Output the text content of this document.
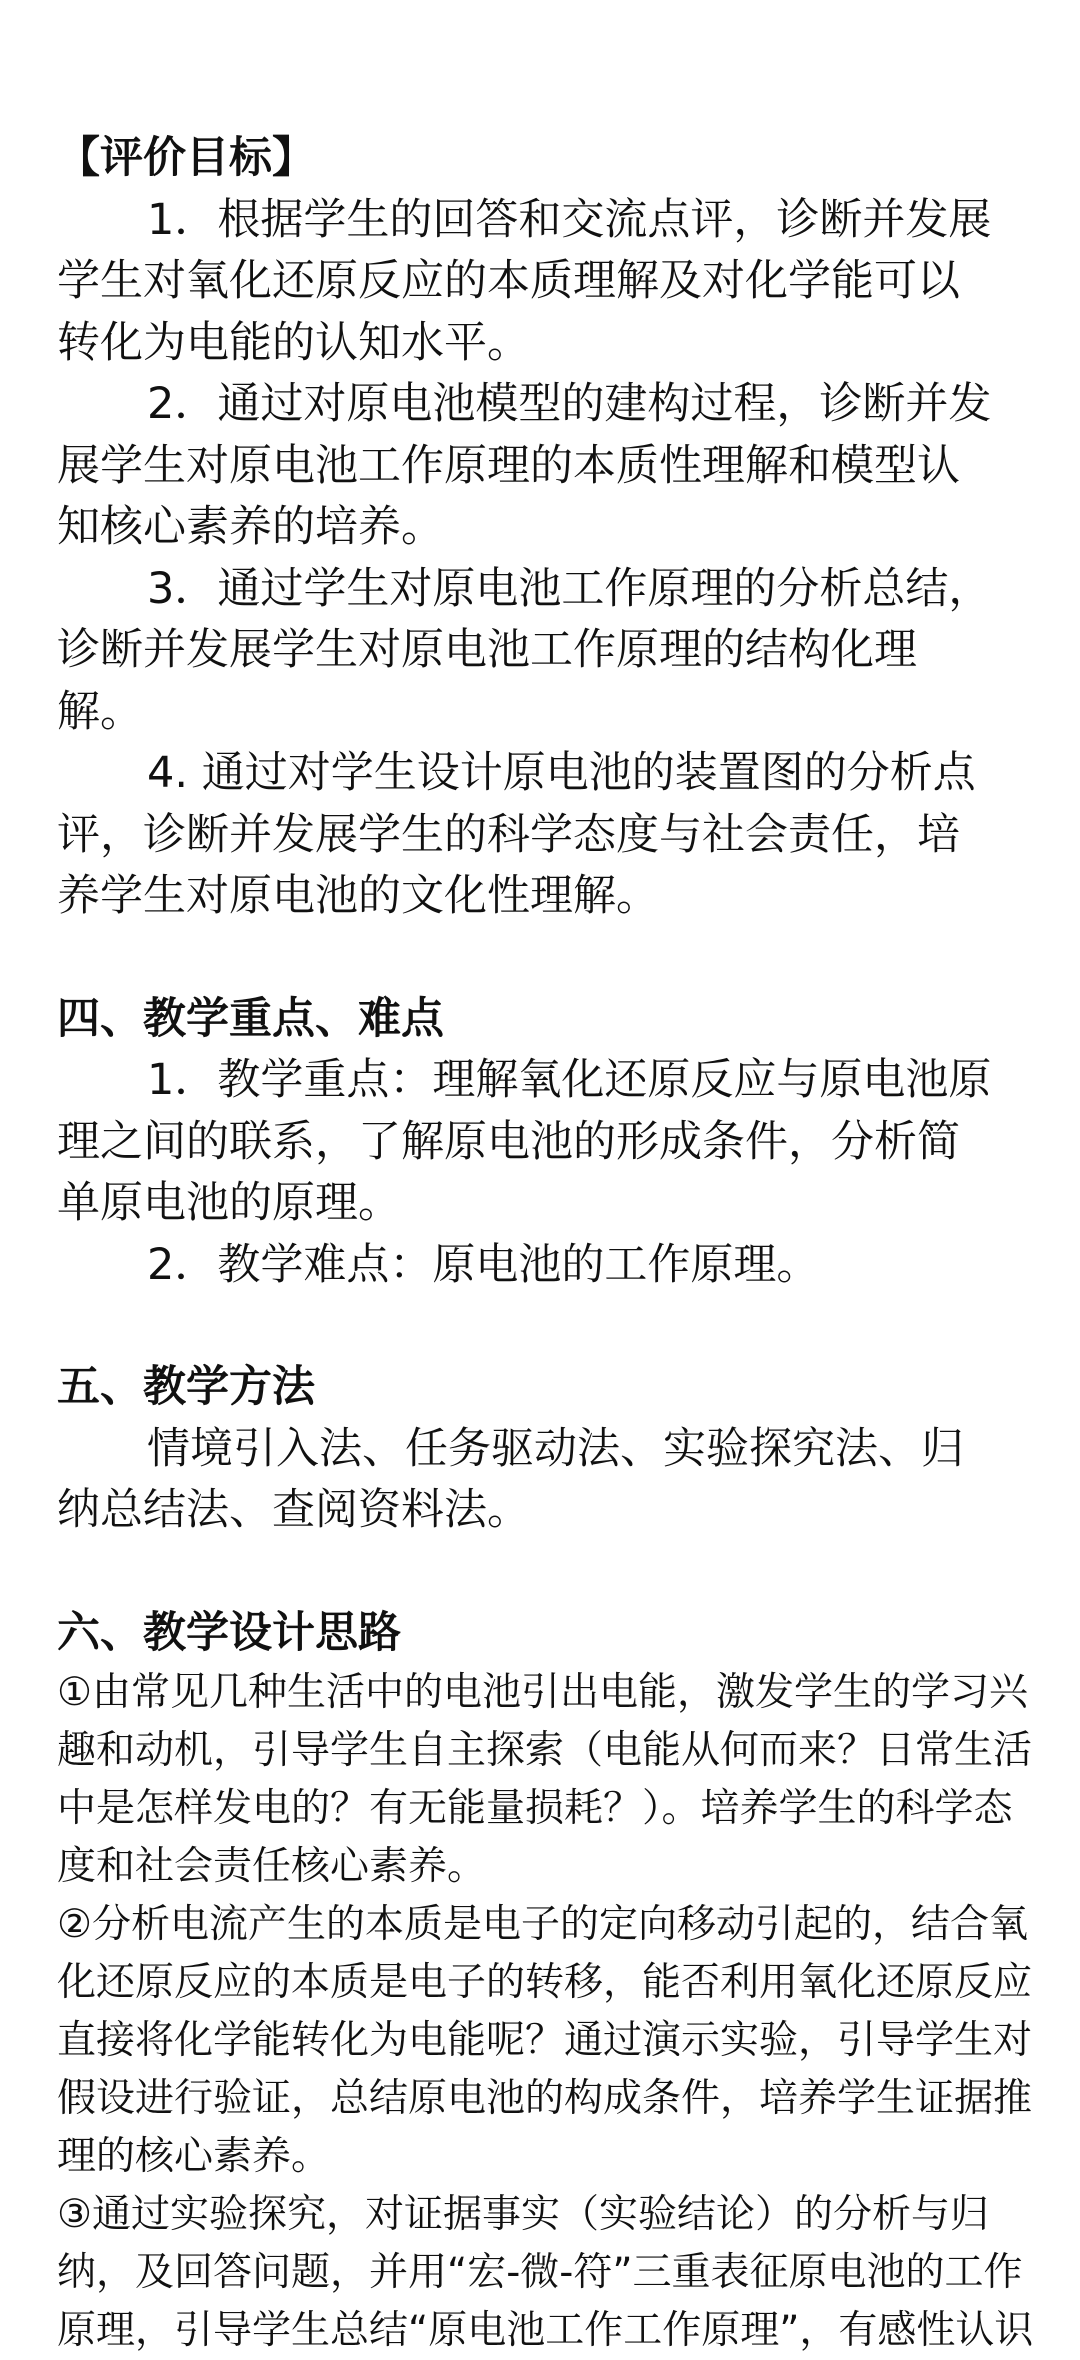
【评价目标】

1．根据学生的回答和交流点评，诊断并发展

学生对氧化还原反应的本质理解及对化学能可以

转化为电能的认知水平。

2．通过对原电池模型的建构过程，诊断并发

展学生对原电池工作原理的本质性理解和模型认

知核心素养的培养。

3．通过学生对原电池工作原理的分析总结，

诊断并发展学生对原电池工作原理的结构化理

解。

4. 通过对学生设计原电池的装置图的分析点

评，诊断并发展学生的科学态度与社会责任，培

养学生对原电池的文化性理解。

四、教学重点、难点

1．教学重点：理解氧化还原反应与原电池原

理之间的联系，了解原电池的形成条件，分析简

单原电池的原理。

2．教学难点：原电池的工作原理。

五、教学方法

情境引入法、任务驱动法、实验探究法、归

纳总结法、查阅资料法。

六、教学设计思路

①由常见几种生活中的电池引出电能，激发学生的学习兴

趣和动机，引导学生自主探索（电能从何而来？日常生活

中是怎样发电的？有无能量损耗？）。培养学生的科学态

度和社会责任核心素养。

②分析电流产生的本质是电子的定向移动引起的，结合氧

化还原反应的本质是电子的转移，能否利用氧化还原反应

直接将化学能转化为电能呢？通过演示实验，引导学生对

假设进行验证，总结原电池的构成条件，培养学生证据推

理的核心素养。

③通过实验探究，对证据事实（实验结论）的分析与归

纳，及回答问题，并用“宏-微-符”三重表征原电池的工作

原理，引导学生总结“原电池工作工作原理”，有感性认识
